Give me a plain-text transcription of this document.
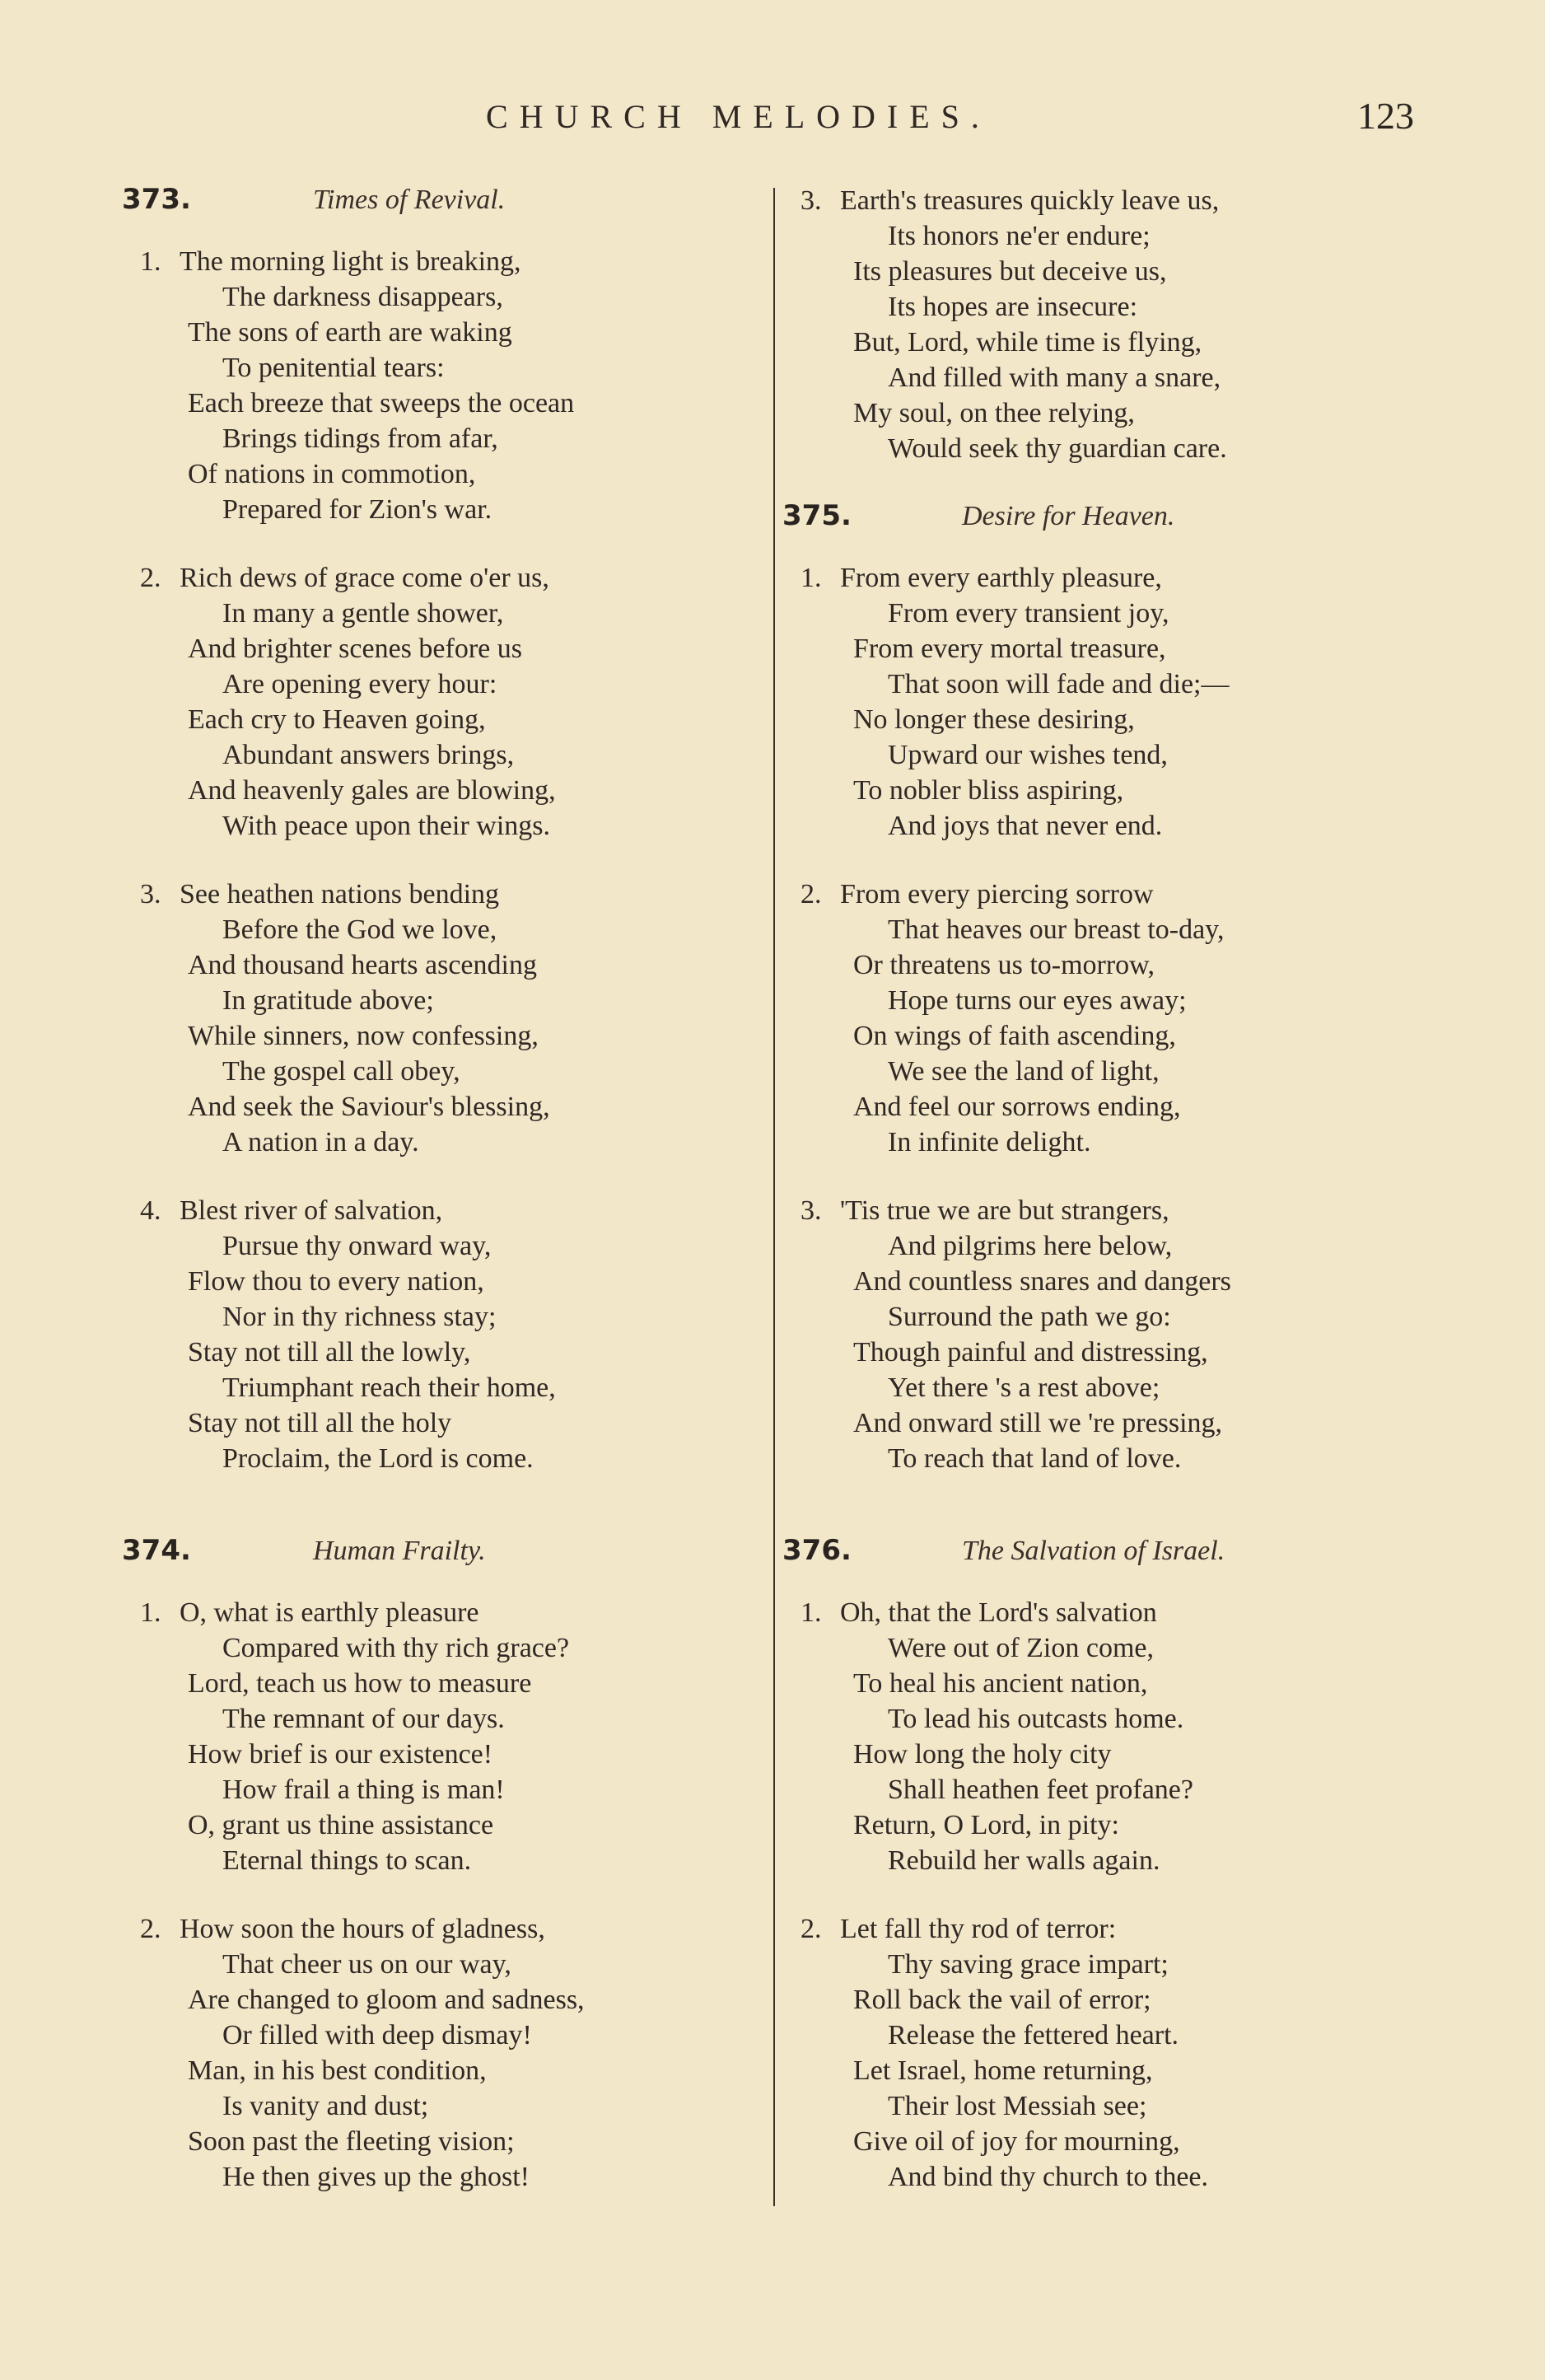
CHURCH MELODIES.	123
373.	Times of Revival.
1. The morning light is breaking,
The darkness disappears,
The sons of earth are waking
To penitential tears:
Each breeze that sweeps the ocean
Brings tidings from afar,
Of nations in commotion,
Prepared for Zion's war.
2. Rich dews of grace come o'er us,
In many a gentle shower,
And brighter scenes before us
Are opening every hour:
Each cry to Heaven going,
Abundant answers brings,
And heavenly gales are blowing,
With peace upon their wings.
3. See heathen nations bending
Before the God we love,
And thousand hearts ascending
In gratitude above;
While sinners, now confessing,
The gospel call obey,
And seek the Saviour's blessing,
A nation in a day.
4. Blest river of salvation,
Pursue thy onward way,
Flow thou to every nation,
Nor in thy richness stay;
Stay not till all the lowly,
Triumphant reach their home,
Stay not till all the holy
Proclaim, the Lord is come.
374.	Human Frailty.
1. O, what is earthly pleasure
Compared with thy rich grace?
Lord, teach us how to measure
The remnant of our days.
How brief is our existence!
How frail a thing is man!
O, grant us thine assistance
Eternal things to scan.
2. How soon the hours of gladness,
That cheer us on our way,
Are changed to gloom and sadness,
Or filled with deep dismay!
Man, in his best condition,
Is vanity and dust;
Soon past the fleeting vision;
He then gives up the ghost!
3. Earth's treasures quickly leave us,
Its honors ne'er endure;
Its pleasures but deceive us,
Its hopes are insecure:
But, Lord, while time is flying,
And filled with many a snare,
My soul, on thee relying,
Would seek thy guardian care.
375.	Desire for Heaven.
1. From every earthly pleasure,
From every transient joy,
From every mortal treasure,
That soon will fade and die;—
No longer these desiring,
Upward our wishes tend,
To nobler bliss aspiring,
And joys that never end.
2. From every piercing sorrow
That heaves our breast to-day,
Or threatens us to-morrow,
Hope turns our eyes away;
On wings of faith ascending,
We see the land of light,
And feel our sorrows ending,
In infinite delight.
3. 'Tis true we are but strangers,
And pilgrims here below,
And countless snares and dangers
Surround the path we go:
Though painful and distressing,
Yet there 's a rest above;
And onward still we 're pressing,
To reach that land of love.
376.	The Salvation of Israel.
1. Oh, that the Lord's salvation
Were out of Zion come,
To heal his ancient nation,
To lead his outcasts home.
How long the holy city
Shall heathen feet profane?
Return, O Lord, in pity:
Rebuild her walls again.
2. Let fall thy rod of terror:
Thy saving grace impart;
Roll back the vail of error;
Release the fettered heart.
Let Israel, home returning,
Their lost Messiah see;
Give oil of joy for mourning,
And bind thy church to thee.
